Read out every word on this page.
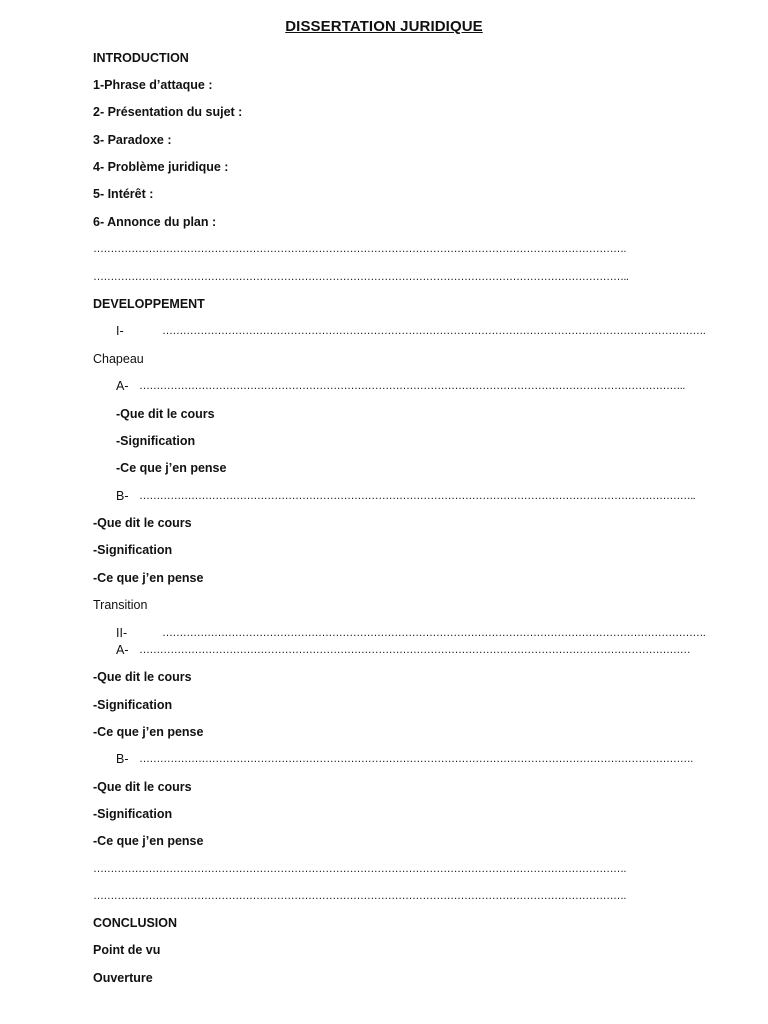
DISSERTATION JURIDIQUE
INTRODUCTION
1-Phrase d’attaque :
2- Présentation du sujet :
3- Paradoxe :
4- Problème juridique :
5- Intérêt :
6- Annonce du plan :
……………………………………………………………………………………………………………………………………….
………………………………………………………………………………………………………………………………………..
DEVELOPPEMENT
I-	………………………………………………………………………………………………………………………………………….
Chapeau
A- …………………………………………………………………………………………………………………………………………..
-Que dit le cours
-Signification
-Ce que j’en pense
B- ……………………………………………………………………………………………………………………………………………..
-Que dit le cours
-Signification
-Ce que j’en pense
Transition
II-	………………………………………………………………………………………………………………………………………….
A- ……………………………………………………………………………………………………………………………………………
-Que dit le cours
-Signification
-Ce que j’en pense
B- …………………………………………………………………………………………………………………………………………….
-Que dit le cours
-Signification
-Ce que j’en pense
……………………………………………………………………………………………………………………………………….
……………………………………………………………………………………………………………………………………….
CONCLUSION
Point de vu
Ouverture
